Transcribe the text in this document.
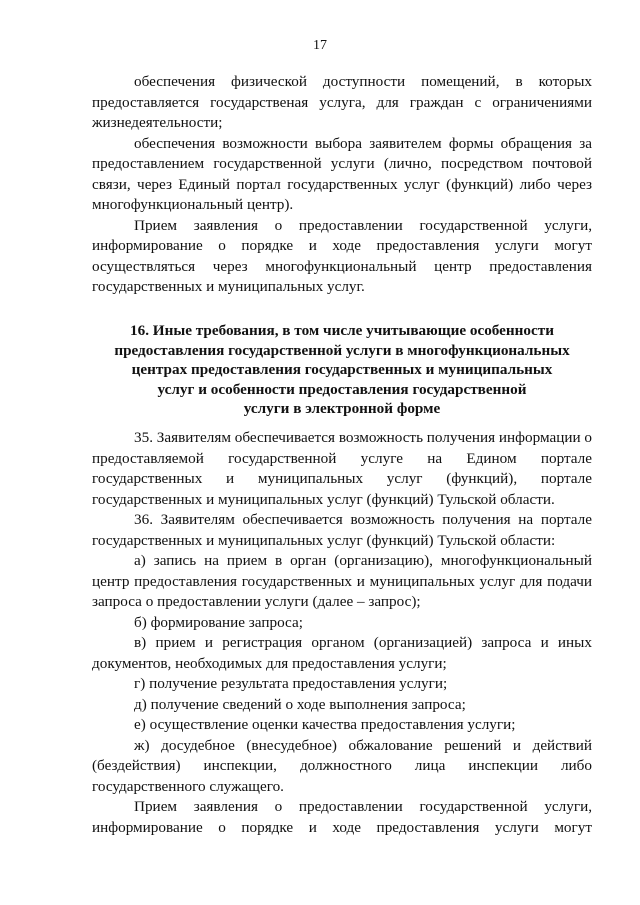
17

обеспечения физической доступности помещений, в которых предоставляется государственая услуга, для граждан с ограничениями жизнедеятельности;

обеспечения возможности выбора заявителем формы обращения за предоставлением государственной услуги (лично, посредством почтовой связи, через Единый портал государственных услуг (функций) либо через многофункциональный центр).

Прием заявления о предоставлении государственной услуги, информирование о порядке и ходе предоставления услуги могут осуществляться через многофункциональный центр предоставления государственных и муниципальных услуг.

16. Иные требования, в том числе учитывающие особенности
предоставления государственной услуги в многофункциональных
центрах предоставления государственных и муниципальных
услуг и особенности предоставления государственной
услуги в электронной форме

35. Заявителям обеспечивается возможность получения информации о предоставляемой государственной услуге на Едином портале государственных и муниципальных услуг (функций), портале государственных и муниципальных услуг (функций) Тульской области.

36. Заявителям обеспечивается возможность получения на портале государственных и муниципальных услуг (функций) Тульской области:

а) запись на прием в орган (организацию), многофункциональный центр предоставления государственных и муниципальных услуг для подачи запроса о предоставлении услуги (далее – запрос);

б) формирование запроса;

в) прием и регистрация органом (организацией) запроса и иных документов, необходимых для предоставления услуги;

г) получение результата предоставления услуги;

д) получение сведений о ходе выполнения запроса;

е) осуществление оценки качества предоставления услуги;

ж) досудебное (внесудебное) обжалование решений и действий (бездействия) инспекции, должностного лица инспекции либо государственного служащего.

Прием заявления о предоставлении государственной услуги, информирование о порядке и ходе предоставления услуги могут
